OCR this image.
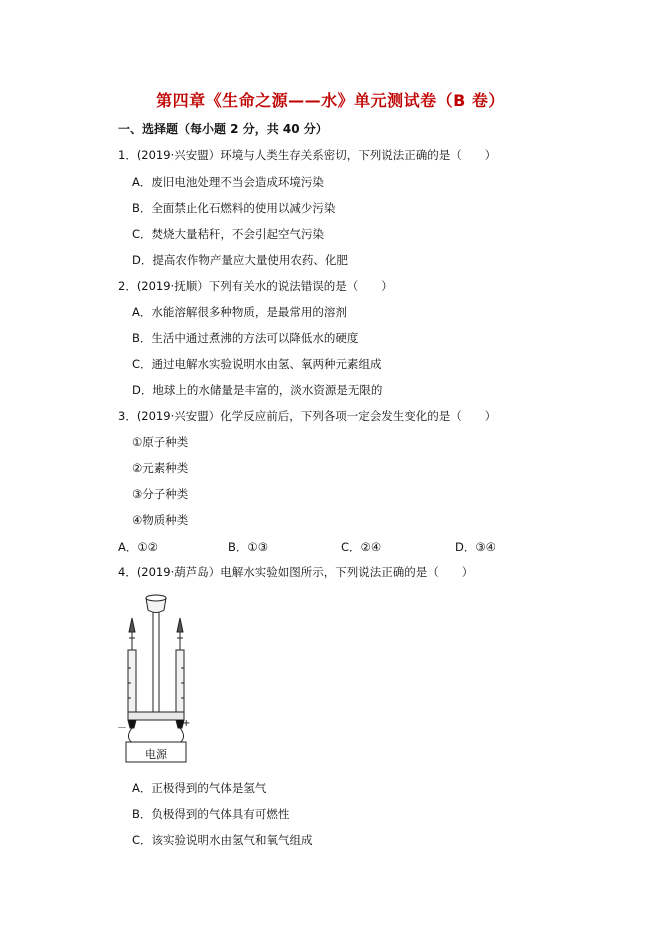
第四章《生命之源——水》单元测试卷（B 卷）
一、选择题（每小题 2 分，共 40 分）
1．(2019·兴安盟）环境与人类生存关系密切，下列说法正确的是（　　）
A．废旧电池处理不当会造成环境污染
B．全面禁止化石燃料的使用以减少污染
C．焚烧大量秸秆，不会引起空气污染
D．提高农作物产量应大量使用农药、化肥
2．(2019·抚顺）下列有关水的说法错误的是（　　）
A．水能溶解很多种物质，是最常用的溶剂
B．生活中通过煮沸的方法可以降低水的硬度
C．通过电解水实验说明水由氢、氧两种元素组成
D．地球上的水储量是丰富的，淡水资源是无限的
3．(2019·兴安盟）化学反应前后，下列各项一定会发生变化的是（　　）
①原子种类
②元素种类
③分子种类
④物质种类
A．①②	B．①③	C．②④	D．③④
4．(2019·葫芦岛）电解水实验如图所示，下列说法正确的是（　　）
电源
－	+
A．正极得到的气体是氢气
B．负极得到的气体具有可燃性
C．该实验说明水由氢气和氧气组成
